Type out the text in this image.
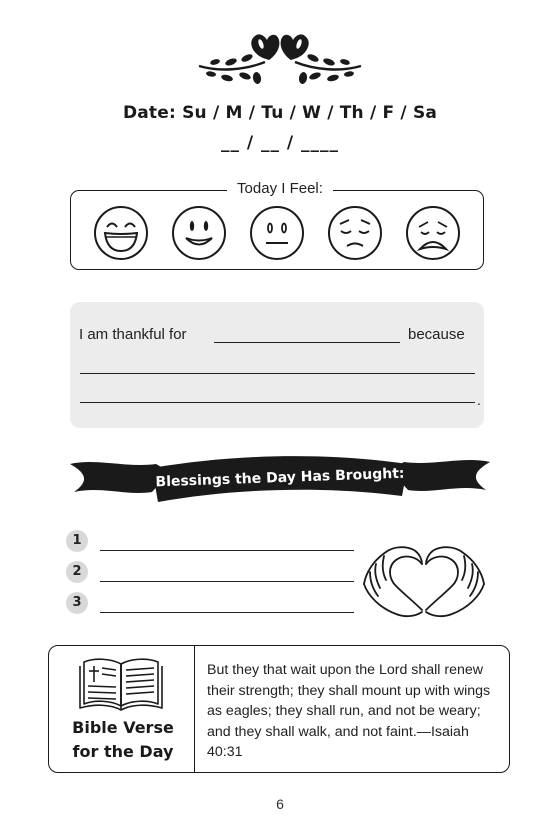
Date: Su / M / Tu / W / Th / F / Sa
__ / __ / ____
Today I Feel:
I am thankful for	because
.
Blessings the Day Has Brought:
1
2
3
Bible Verse
for the Day
But they that wait upon the Lord shall renew their strength; they shall mount up with wings as eagles; they shall run, and not be weary; and they shall walk, and not faint.—Isaiah 40:31
6
